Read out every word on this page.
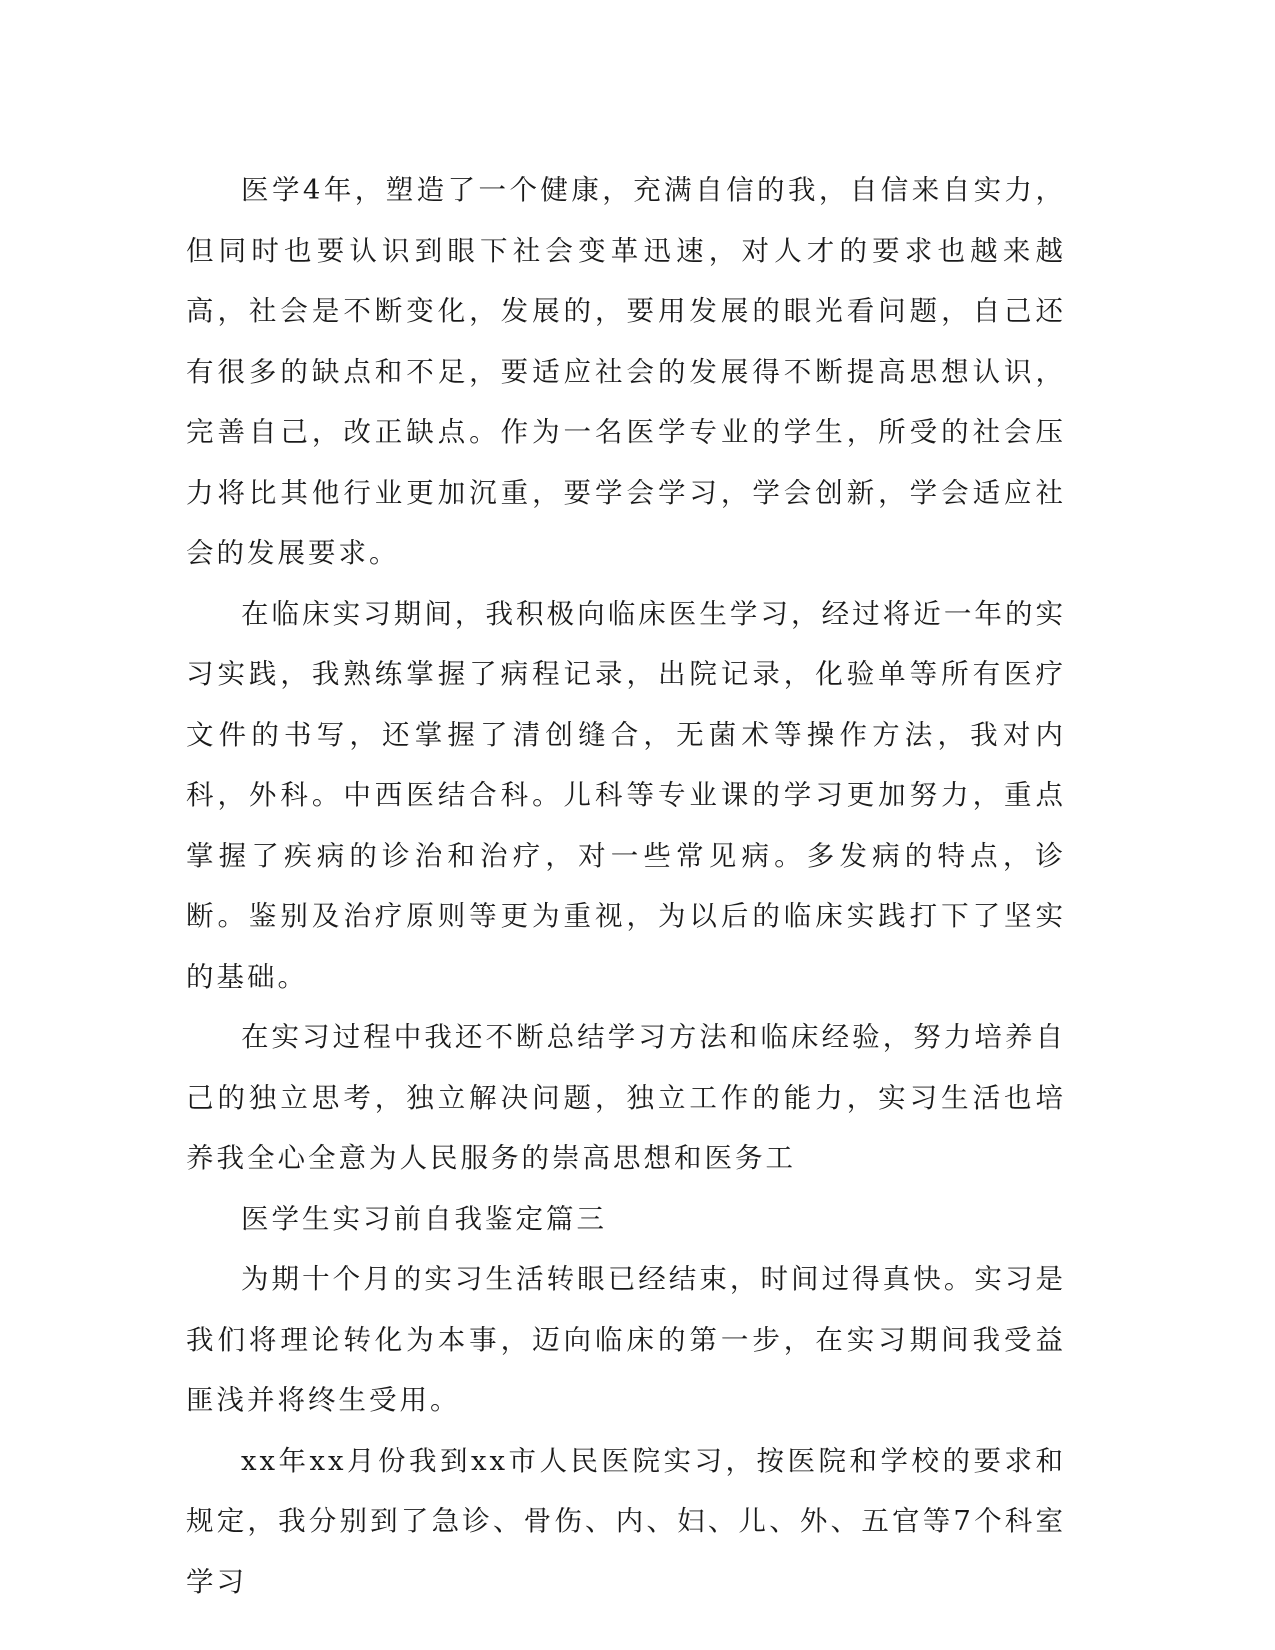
医学4年，塑造了一个健康，充满自信的我，自信来自实力，但同时也要认识到眼下社会变革迅速，对人才的要求也越来越高，社会是不断变化，发展的，要用发展的眼光看问题，自己还有很多的缺点和不足，要适应社会的发展得不断提高思想认识，完善自己，改正缺点。作为一名医学专业的学生，所受的社会压力将比其他行业更加沉重，要学会学习，学会创新，学会适应社会的发展要求。

在临床实习期间，我积极向临床医生学习，经过将近一年的实习实践，我熟练掌握了病程记录，出院记录，化验单等所有医疗文件的书写，还掌握了清创缝合，无菌术等操作方法，我对内科，外科。中西医结合科。儿科等专业课的学习更加努力，重点掌握了疾病的诊治和治疗，对一些常见病。多发病的特点，诊断。鉴别及治疗原则等更为重视，为以后的临床实践打下了坚实的基础。

在实习过程中我还不断总结学习方法和临床经验，努力培养自己的独立思考，独立解决问题，独立工作的能力，实习生活也培养我全心全意为人民服务的崇高思想和医务工

医学生实习前自我鉴定篇三

为期十个月的实习生活转眼已经结束，时间过得真快。实习是我们将理论转化为本事，迈向临床的第一步，在实习期间我受益匪浅并将终生受用。

xx年xx月份我到xx市人民医院实习，按医院和学校的要求和规定，我分别到了急诊、骨伤、内、妇、儿、外、五官等7个科室学习
